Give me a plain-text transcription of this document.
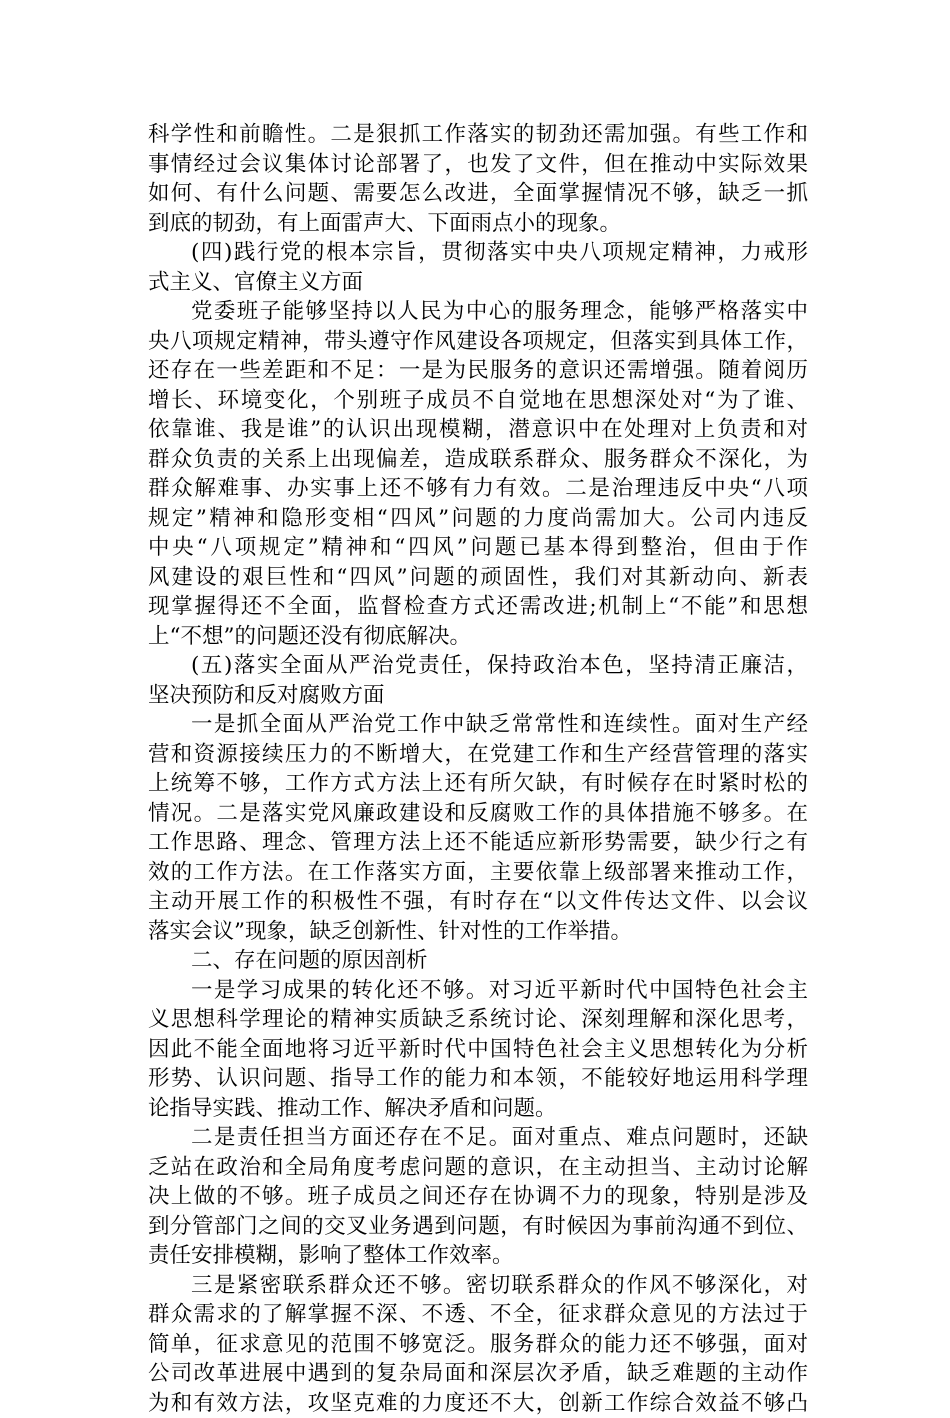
科学性和前瞻性。二是狠抓工作落实的韧劲还需加强。有些工作和
事情经过会议集体讨论部署了，也发了文件，但在推动中实际效果
如何、有什么问题、需要怎么改进，全面掌握情况不够，缺乏一抓
到底的韧劲，有上面雷声大、下面雨点小的现象。

(四)践行党的根本宗旨，贯彻落实中央八项规定精神，力戒形
式主义、官僚主义方面

党委班子能够坚持以人民为中心的服务理念，能够严格落实中
央八项规定精神，带头遵守作风建设各项规定，但落实到具体工作，
还存在一些差距和不足：一是为民服务的意识还需增强。随着阅历
增长、环境变化，个别班子成员不自觉地在思想深处对“为了谁、
依靠谁、我是谁”的认识出现模糊，潜意识中在处理对上负责和对
群众负责的关系上出现偏差，造成联系群众、服务群众不深化，为
群众解难事、办实事上还不够有力有效。二是治理违反中央“八项
规定”精神和隐形变相“四风”问题的力度尚需加大。公司内违反
中央“八项规定”精神和“四风”问题已基本得到整治，但由于作
风建设的艰巨性和“四风”问题的顽固性，我们对其新动向、新表
现掌握得还不全面，监督检查方式还需改进;机制上“不能”和思想
上“不想”的问题还没有彻底解决。

(五)落实全面从严治党责任，保持政治本色，坚持清正廉洁，
坚决预防和反对腐败方面

一是抓全面从严治党工作中缺乏常常性和连续性。面对生产经
营和资源接续压力的不断增大，在党建工作和生产经营管理的落实
上统筹不够，工作方式方法上还有所欠缺，有时候存在时紧时松的
情况。二是落实党风廉政建设和反腐败工作的具体措施不够多。在
工作思路、理念、管理方法上还不能适应新形势需要，缺少行之有
效的工作方法。在工作落实方面，主要依靠上级部署来推动工作，
主动开展工作的积极性不强，有时存在“以文件传达文件、以会议
落实会议”现象，缺乏创新性、针对性的工作举措。

二、存在问题的原因剖析

一是学习成果的转化还不够。对习近平新时代中国特色社会主
义思想科学理论的精神实质缺乏系统讨论、深刻理解和深化思考，
因此不能全面地将习近平新时代中国特色社会主义思想转化为分析
形势、认识问题、指导工作的能力和本领，不能较好地运用科学理
论指导实践、推动工作、解决矛盾和问题。

二是责任担当方面还存在不足。面对重点、难点问题时，还缺
乏站在政治和全局角度考虑问题的意识，在主动担当、主动讨论解
决上做的不够。班子成员之间还存在协调不力的现象，特别是涉及
到分管部门之间的交叉业务遇到问题，有时候因为事前沟通不到位、
责任安排模糊，影响了整体工作效率。

三是紧密联系群众还不够。密切联系群众的作风不够深化，对
群众需求的了解掌握不深、不透、不全，征求群众意见的方法过于
简单，征求意见的范围不够宽泛。服务群众的能力还不够强，面对
公司改革进展中遇到的复杂局面和深层次矛盾，缺乏难题的主动作
为和有效方法，攻坚克难的力度还不大，创新工作综合效益不够凸
